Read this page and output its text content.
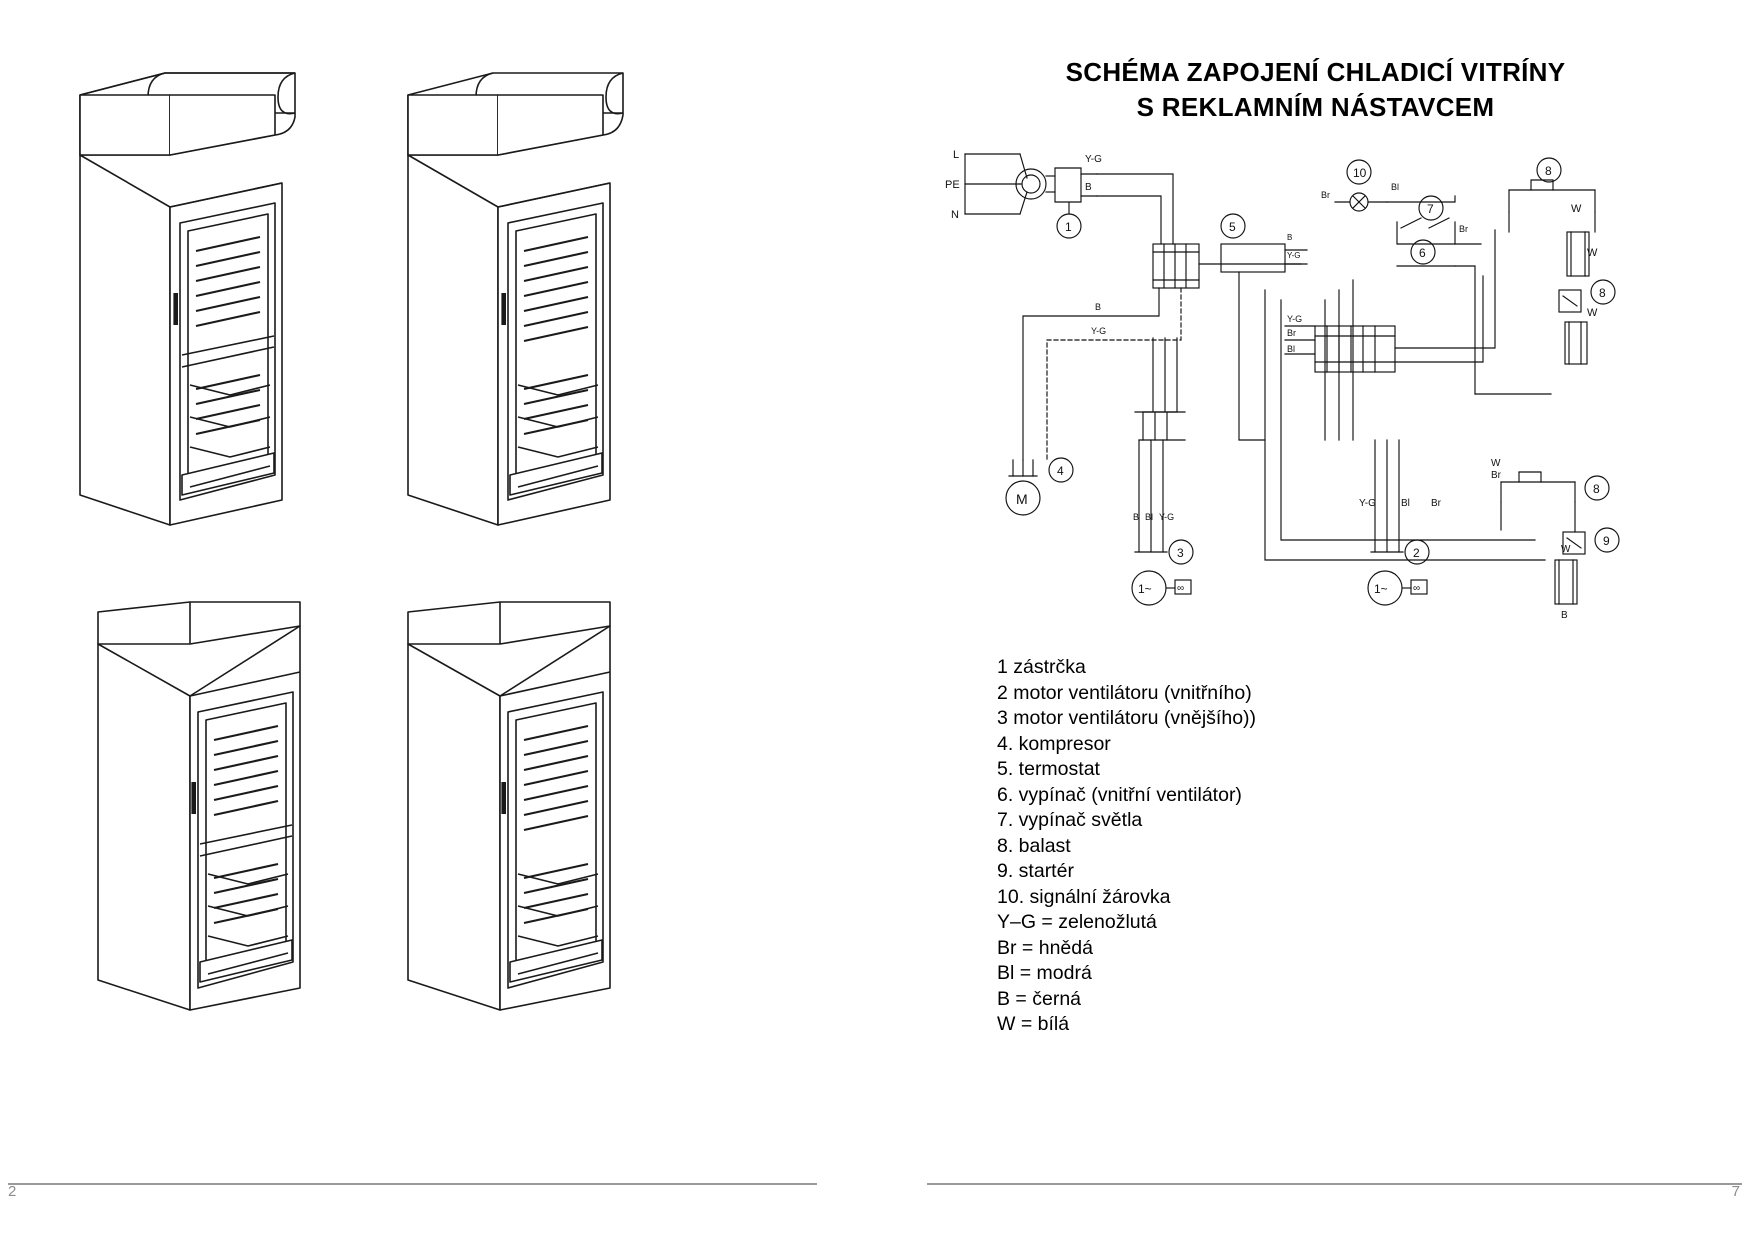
2
SCHÉMA ZAPOJENÍ CHLADICÍ VITRÍNY
S REKLAMNÍM NÁSTAVCEM
L
PE
N
Y-G
B
1
B
Y-G
M
4
B Bl Y-G
1~	∞
3
5
B
Y-G
10
Br
Bl
7
Br
6
8
W
W
8
W
Y-G
Br
Bl
1~	∞
2
Y-G	Bl Br
8
W
Br
9
W
B
1 zástrčka
2 motor ventilátoru (vnitřního)
3 motor ventilátoru (vnějšího))
4. kompresor
5. termostat
6. vypínač (vnitřní ventilátor)
7. vypínač světla
8. balast
9. startér
10. signální žárovka
Y–G = zelenožlutá
Br = hnědá
Bl = modrá
B = černá
W = bílá
7
